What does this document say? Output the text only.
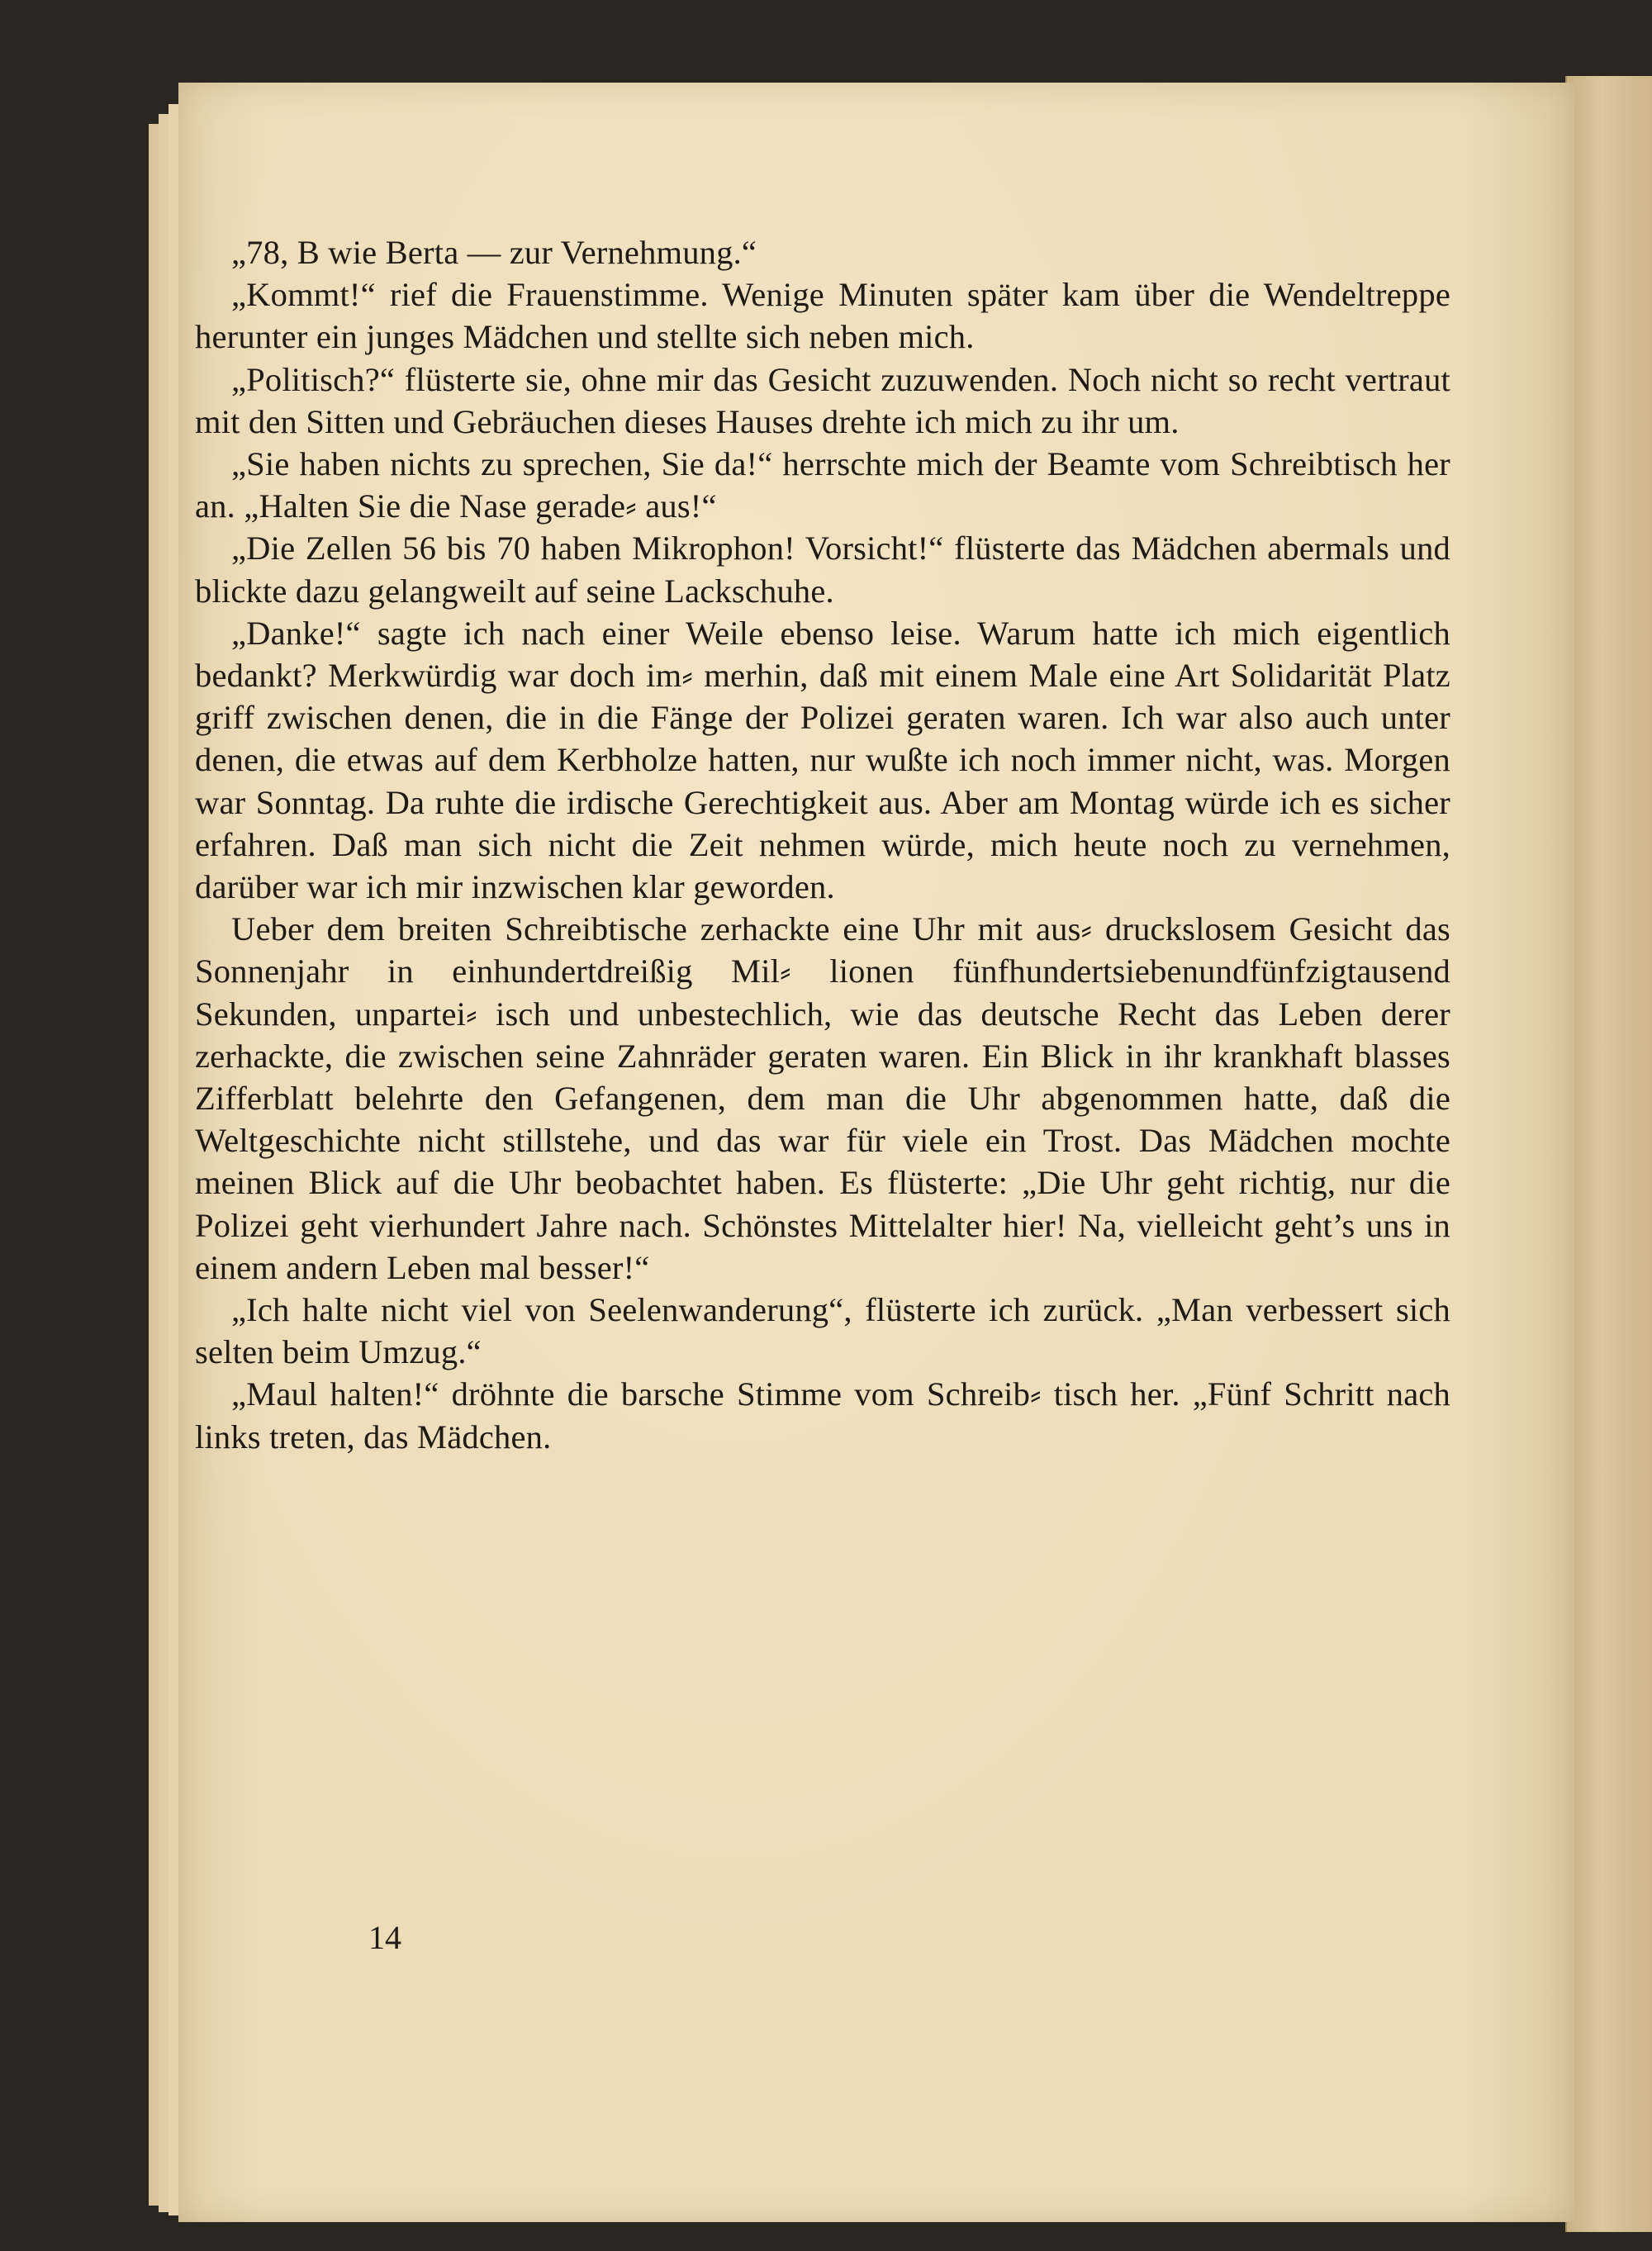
„78, B wie Berta — zur Vernehmung.“

„Kommt!“ rief die Frauenstimme. Wenige Minuten später kam über die Wendeltreppe herunter ein junges Mädchen und stellte sich neben mich.

„Politisch?“ flüsterte sie, ohne mir das Gesicht zuzuwenden. Noch nicht so recht vertraut mit den Sitten und Gebräuchen dieses Hauses drehte ich mich zu ihr um.

„Sie haben nichts zu sprechen, Sie da!“ herrschte mich der Beamte vom Schreibtisch her an. „Halten Sie die Nase gerade⸗ aus!“

„Die Zellen 56 bis 70 haben Mikrophon! Vorsicht!“ flüsterte das Mädchen abermals und blickte dazu gelangweilt auf seine Lackschuhe.

„Danke!“ sagte ich nach einer Weile ebenso leise. Warum hatte ich mich eigentlich bedankt? Merkwürdig war doch im⸗ merhin, daß mit einem Male eine Art Solidarität Platz griff zwischen denen, die in die Fänge der Polizei geraten waren. Ich war also auch unter denen, die etwas auf dem Kerbholze hatten, nur wußte ich noch immer nicht, was. Morgen war Sonntag. Da ruhte die irdische Gerechtigkeit aus. Aber am Montag würde ich es sicher erfahren. Daß man sich nicht die Zeit nehmen würde, mich heute noch zu vernehmen, darüber war ich mir inzwischen klar geworden.

Ueber dem breiten Schreibtische zerhackte eine Uhr mit aus⸗ druckslosem Gesicht das Sonnenjahr in einhundertdreißig Mil⸗ lionen fünfhundertsiebenundfünfzigtausend Sekunden, unpartei⸗ isch und unbestechlich, wie das deutsche Recht das Leben derer zerhackte, die zwischen seine Zahnräder geraten waren. Ein Blick in ihr krankhaft blasses Zifferblatt belehrte den Gefangenen, dem man die Uhr abgenommen hatte, daß die Weltgeschichte nicht stillstehe, und das war für viele ein Trost. Das Mädchen mochte meinen Blick auf die Uhr beobachtet haben. Es flüsterte: „Die Uhr geht richtig, nur die Polizei geht vierhundert Jahre nach. Schönstes Mittelalter hier! Na, vielleicht geht’s uns in einem andern Leben mal besser!“

„Ich halte nicht viel von Seelenwanderung“, flüsterte ich zurück. „Man verbessert sich selten beim Umzug.“

„Maul halten!“ dröhnte die barsche Stimme vom Schreib⸗ tisch her. „Fünf Schritt nach links treten, das Mädchen.

14
